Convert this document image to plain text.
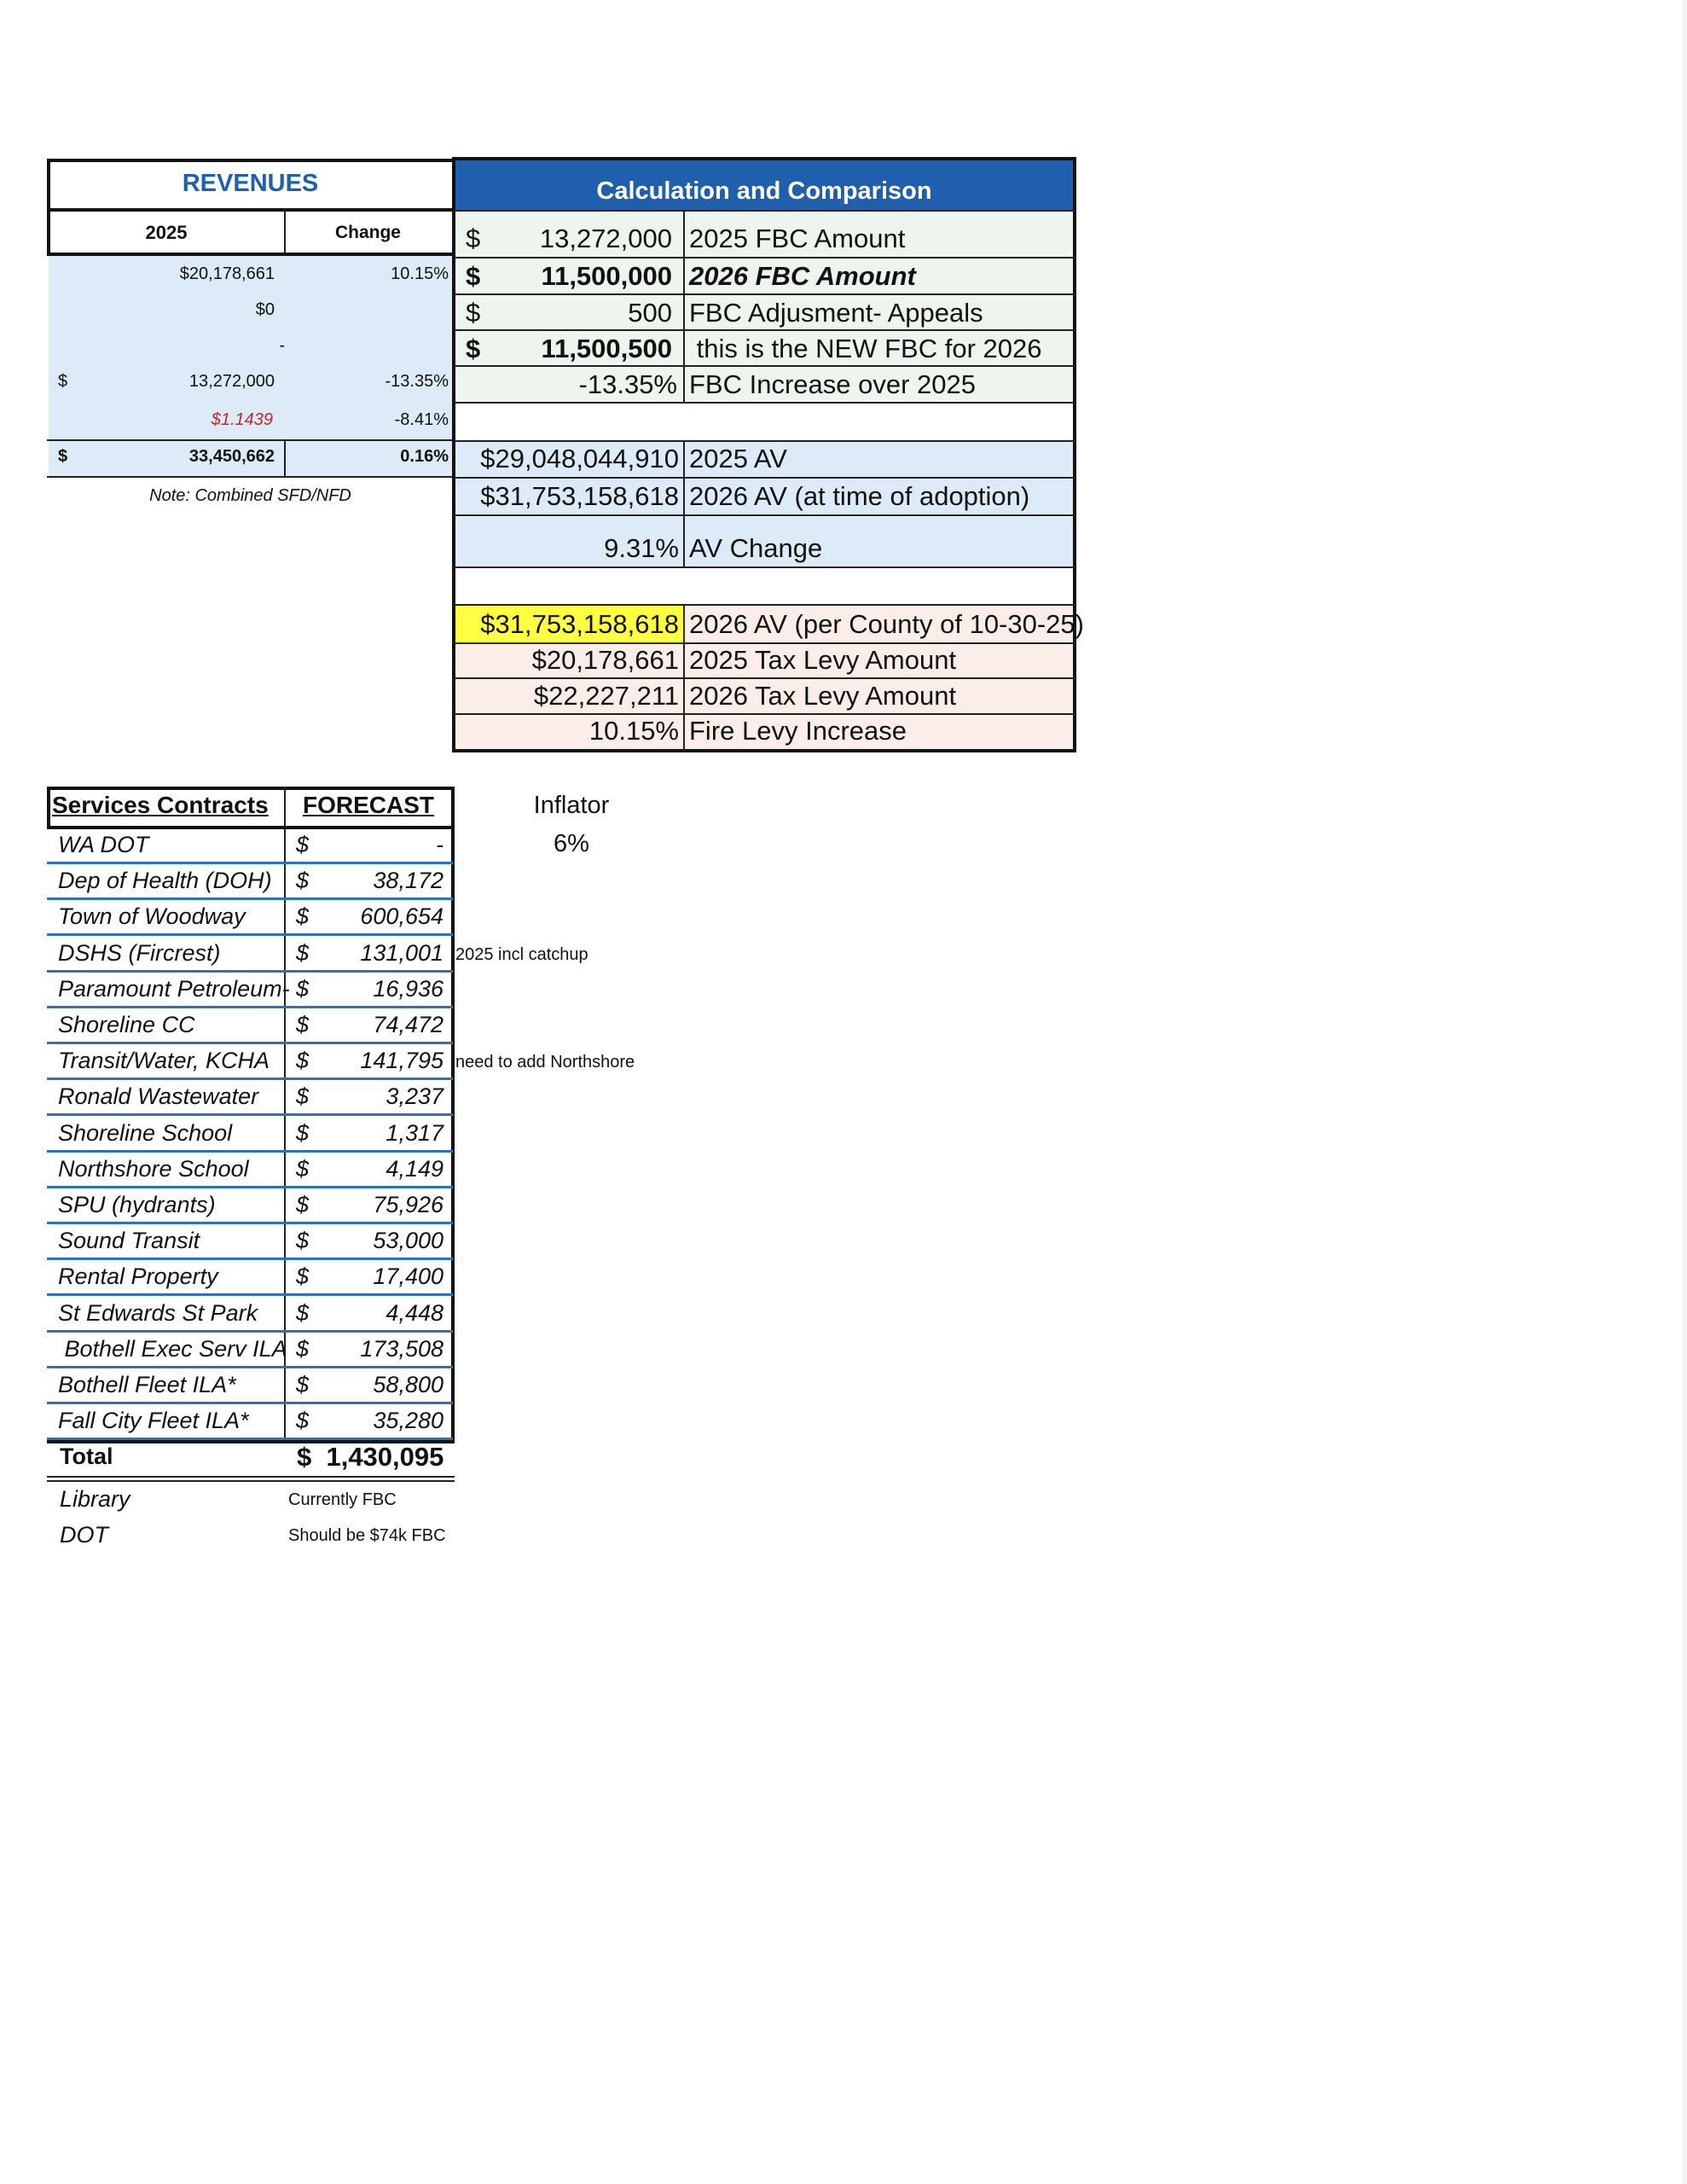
REVENUES
2025	Change
$20,178,661	10.15%
$0
-
$	13,272,000	-13.35%
$1.1439	-8.41%
$	33,450,662	0.16%
Note: Combined SFD/NFD
Calculation and Comparison
$	13,272,000 2025 FBC Amount
$	11,500,000 2026 FBC Amount
$	500 FBC Adjusment- Appeals
$	11,500,500 this is the NEW FBC for 2026
-13.35% FBC Increase over 2025
$29,048,044,910 2025 AV
$31,753,158,618 2026 AV (at time of adoption)
9.31% AV Change
$31,753,158,618 2026 AV (per County of 10-30-25)
$20,178,661 2025 Tax Levy Amount
$22,227,211 2026 Tax Levy Amount
10.15% Fire Levy Increase
Services Contracts	FORECAST
WA DOT	$	-
Dep of Health (DOH) $	38,172
Town of Woodway $	600,654
DSHS (Fircrest)	$	131,001 2025 incl catchup
Paramount Petroleum- $	16,936
Shoreline CC	$	74,472
Transit/Water, KCHA $	141,795 need to add Northshore
Ronald Wastewater $	3,237
Shoreline School	$	1,317
Northshore School $	4,149
SPU (hydrants)	$	75,926
Sound Transit	$	53,000
Rental Property	$	17,400
St Edwards St Park $	4,448
Bothell Exec Serv ILA $	173,508
Bothell Fleet ILA*	$	58,800
Fall City Fleet ILA* $	35,280
Total	$  1,430,095
Library	Currently FBC
DOT	Should be $74k FBC
Inflator
6%
